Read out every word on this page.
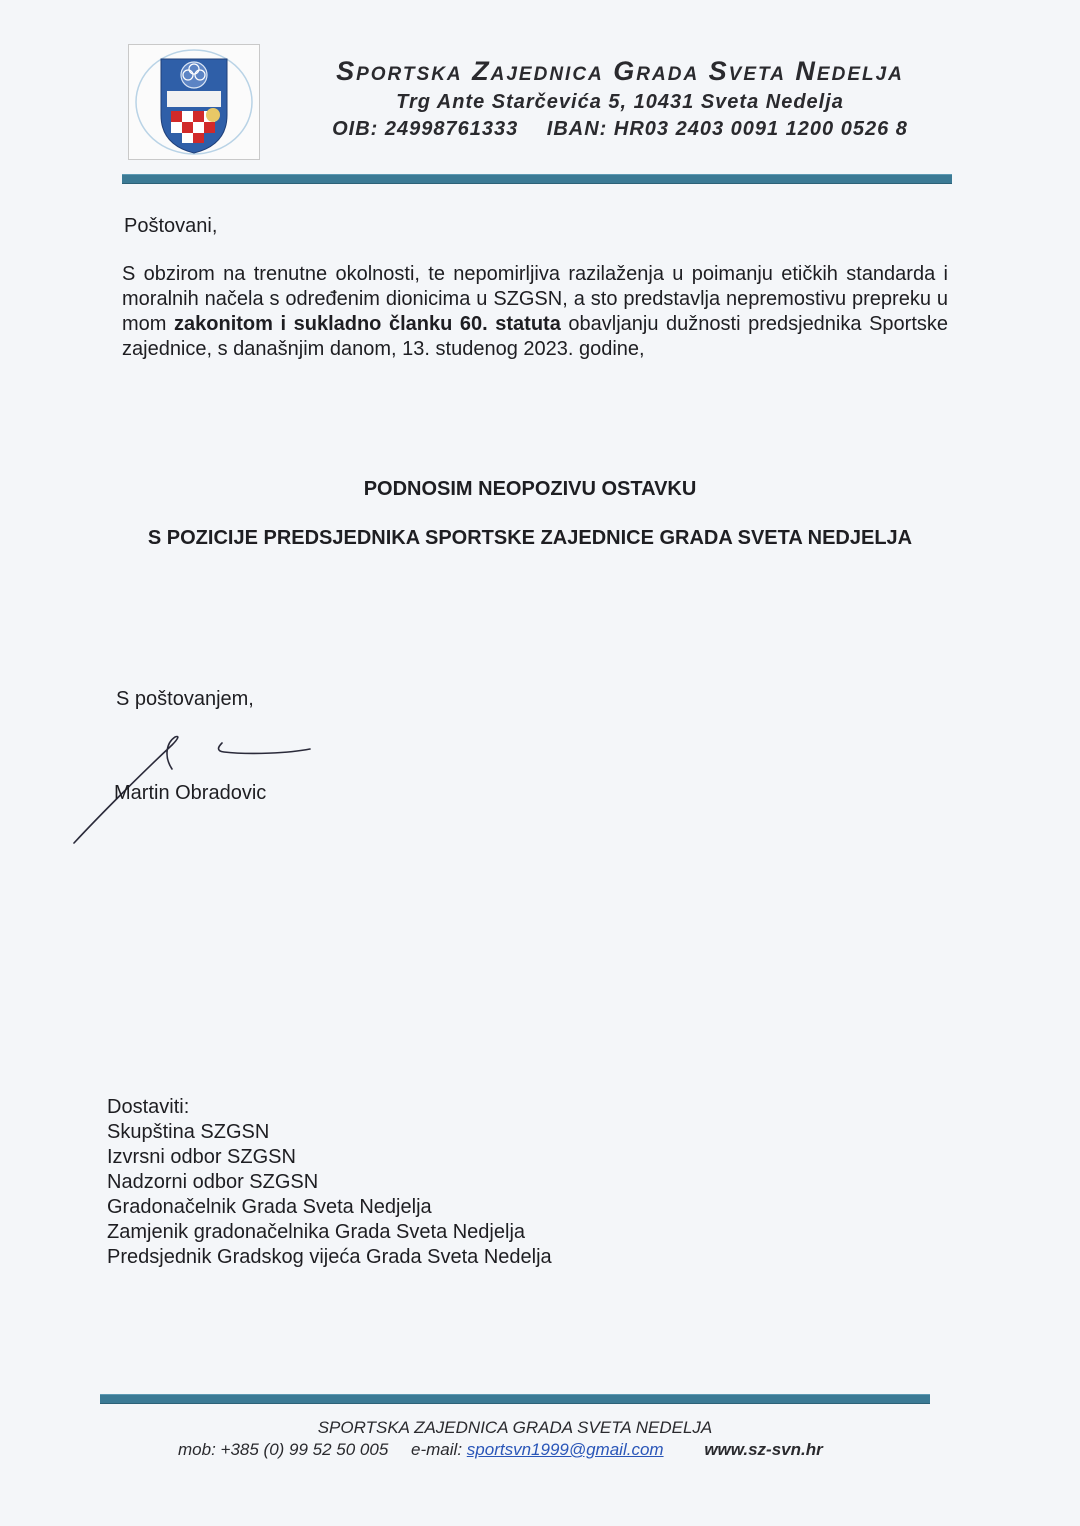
Sportska Zajednica Grada Sveta Nedelja
Trg Ante Starčevića 5, 10431 Sveta Nedelja
OIB: 24998761333 IBAN: HR03 2403 0091 1200 0526 8
Poštovani,
S obzirom na trenutne okolnosti, te nepomirljiva razilaženja u poimanju etičkih standarda i moralnih načela s određenim dionicima u SZGSN, a sto predstavlja nepremostivu prepreku u mom zakonitom i sukladno članku 60. statuta obavljanju dužnosti predsjednika Sportske zajednice, s današnjim danom, 13. studenog 2023. godine,
PODNOSIM NEOPOZIVU OSTAVKU
S POZICIJE PREDSJEDNIKA SPORTSKE ZAJEDNICE GRADA SVETA NEDJELJA
S poštovanjem,
Martin Obradovic
Dostaviti:
Skupština SZGSN
Izvrsni odbor SZGSN
Nadzorni odbor SZGSN
Gradonačelnik Grada Sveta Nedjelja
Zamjenik gradonačelnika Grada Sveta Nedjelja
Predsjednik Gradskog vijeća Grada Sveta Nedelja
SPORTSKA ZAJEDNICA GRADA SVETA NEDELJA
mob: +385 (0) 99 52 50 005 e-mail: sportsvn1999@gmail.com www.sz-svn.hr
